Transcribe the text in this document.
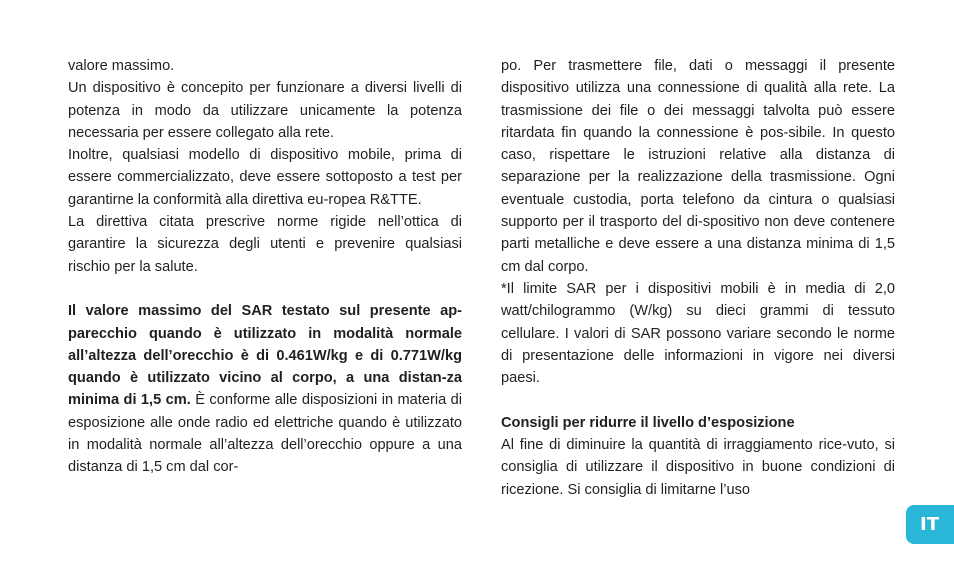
valore massimo.

Un dispositivo è concepito per funzionare a diversi livelli di potenza in modo da utilizzare unicamente la potenza necessaria per essere collegato alla rete.

Inoltre, qualsiasi modello di dispositivo mobile, prima di essere commercializzato, deve essere sottoposto a test per garantirne la conformità alla direttiva eu-ropea R&TTE.

La direttiva citata prescrive norme rigide nell’ottica di garantire la sicurezza degli utenti e prevenire qualsiasi rischio per la salute.

Il valore massimo del SAR testato sul presente ap-parecchio quando è utilizzato in modalità normale all’altezza dell’orecchio è di 0.461W/kg e di 0.771W/kg quando è utilizzato vicino al corpo, a una distan-za minima di 1,5 cm. È conforme alle disposizioni in materia di esposizione alle onde radio ed elettriche quando è utilizzato in modalità normale all’altezza dell’orecchio oppure a una distanza di 1,5 cm dal cor-

po. Per trasmettere file, dati o messaggi il presente dispositivo utilizza una connessione di qualità alla rete. La trasmissione dei file o dei messaggi talvolta può essere ritardata fin quando la connessione è pos-sibile. In questo caso, rispettare le istruzioni relative alla distanza di separazione per la realizzazione della trasmissione. Ogni eventuale custodia, porta telefono da cintura o qualsiasi supporto per il trasporto del di-spositivo non deve contenere parti metalliche e deve essere a una distanza minima di 1,5 cm dal corpo.

*Il limite SAR per i dispositivi mobili è in media di 2,0 watt/chilogrammo (W/kg) su dieci grammi di tessuto cellulare. I valori di SAR possono variare secondo le norme di presentazione delle informazioni in vigore nei diversi paesi.

Consigli per ridurre il livello d’esposizione

Al fine di diminuire la quantità di irraggiamento rice-vuto, si consiglia di utilizzare il dispositivo in buone condizioni di ricezione. Si consiglia di limitarne l’uso

IT
